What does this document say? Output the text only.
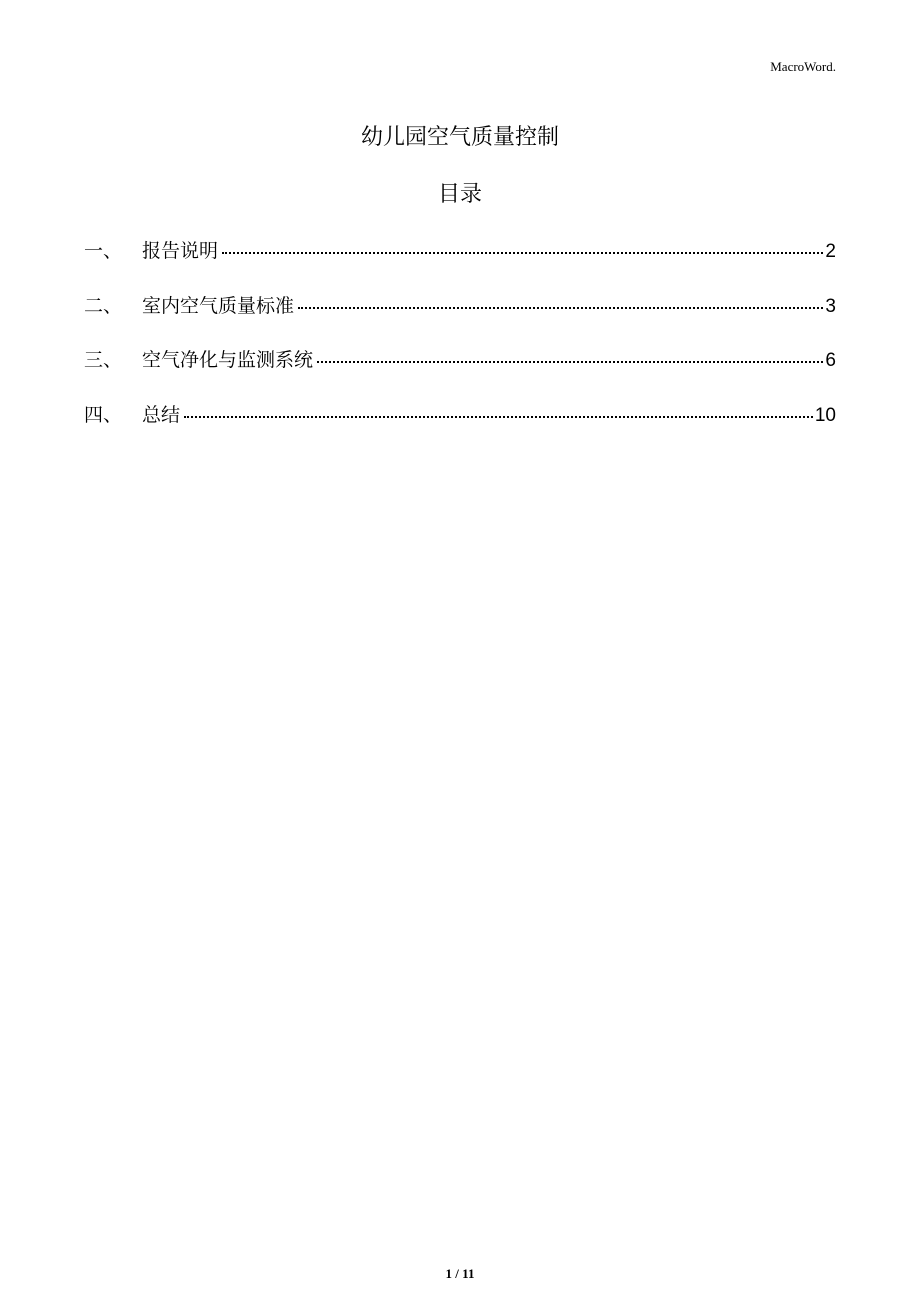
MacroWord.
幼儿园空气质量控制
目录
一、	报告说明	2
二、	室内空气质量标准	3
三、	空气净化与监测系统	6
四、	总结	10
1 / 11
